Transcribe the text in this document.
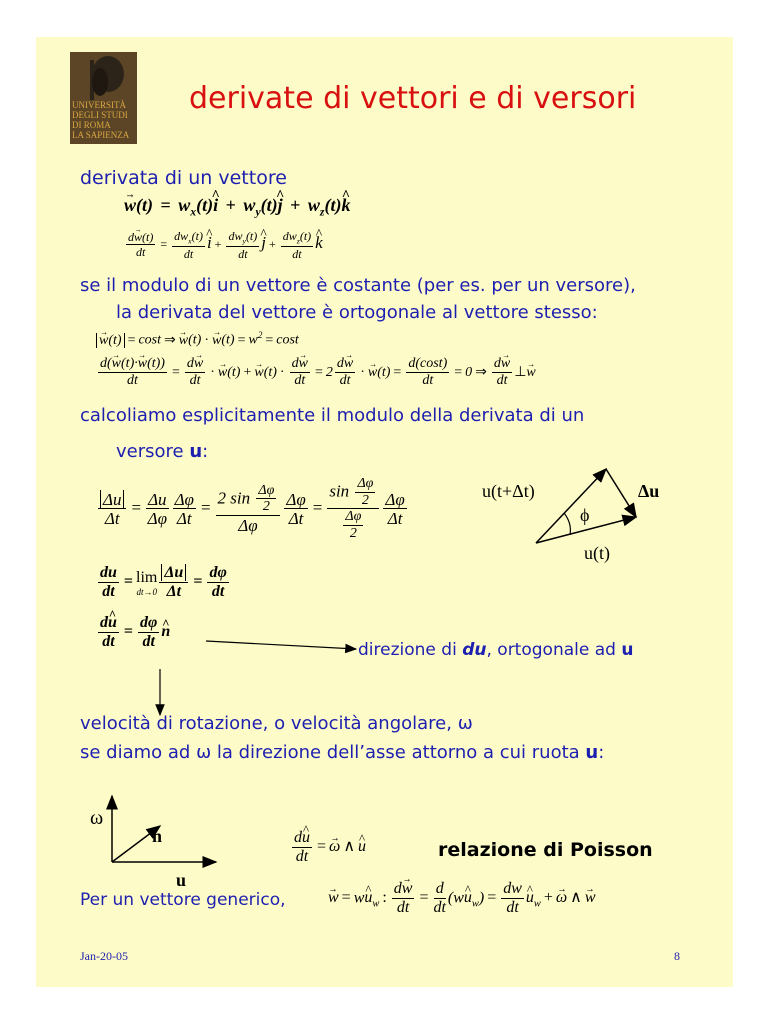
UNIVERSITÀ
DEGLI STUDI
DI ROMA
LA SAPIENZA
derivate di vettori e di versori
derivata di un vettore
→ $w(t) = w_x(t)\^{}$ $i + w_y(t)\^{}$ $j + w_z(t)\^{}$ k
$\frac{d\to w(t)}{dt} = \frac{dw_x(t)}{dt}$
^ $i + \frac{dw_y(t)}{dt}$
^ $j + \frac{dw_z(t)}{dt}$
^ k
se il modulo di un vettore è costante (per es. per un versore),
la derivata del vettore è ortogonale al vettore stesso:
→ w(t) = cost ⇒→ $w(t) \cdot\to w(t) = w^2 = \cos t$
$\frac{d(\to w(t)\cdot\to w(t))}{dt} = \frac{d\to w}{dt} \cdot\to w(t) +\to w(t) \cdot \frac{d\to w}{dt} = 2 \frac{d\to w}{dt} \cdot\to w(t) = \frac{d(\cos t)}{dt} = 0$ ⇒ $\frac{d\to w}{dt}$ ⊥→ w
calcoliamo esplicitamente il modulo della derivata di un
versore u:
$\frac{\Delta u}{\Delta t} = \frac{\Delta u}{\Delta\varphi} \frac{\Delta\varphi}{\Delta t} = \frac{2 \sin \frac{\Delta\varphi}{2}}{\Delta\varphi} \frac{\Delta\varphi}{\Delta t} = \frac{\sin \frac{\Delta\varphi}{2}}{\frac{\Delta\varphi}{2}} \frac{\Delta\varphi}{\Delta t}$	u(t+Δt)
ϕ
Δu
u(t)
$\frac{du}{dt} = \lim$
$dt\to 0 \frac{\Delta u}{\Delta t} = \frac{d\varphi}{dt}$
$\frac{d\^{} u}{dt} = \frac{d\varphi}{dt}$
^ n
direzione di du, ortogonale ad u
velocità di rotazione, o velocità angolare, ω
se diamo ad ω la direzione dell’asse attorno a cui ruota u:
ω
n
u
$\frac{d\^{} u}{dt} =\to \omega$ ∧^ u	relazione di Poisson
Per un vettore generico,
→	w = w^ $u_w$ : $\frac{d\to w}{dt} = \frac{d}{dt}$ (w^ $u_w) = \frac{dw}{dt}$
^ $u_w +\to \omega$ ∧→ w
Jan-20-05	8
